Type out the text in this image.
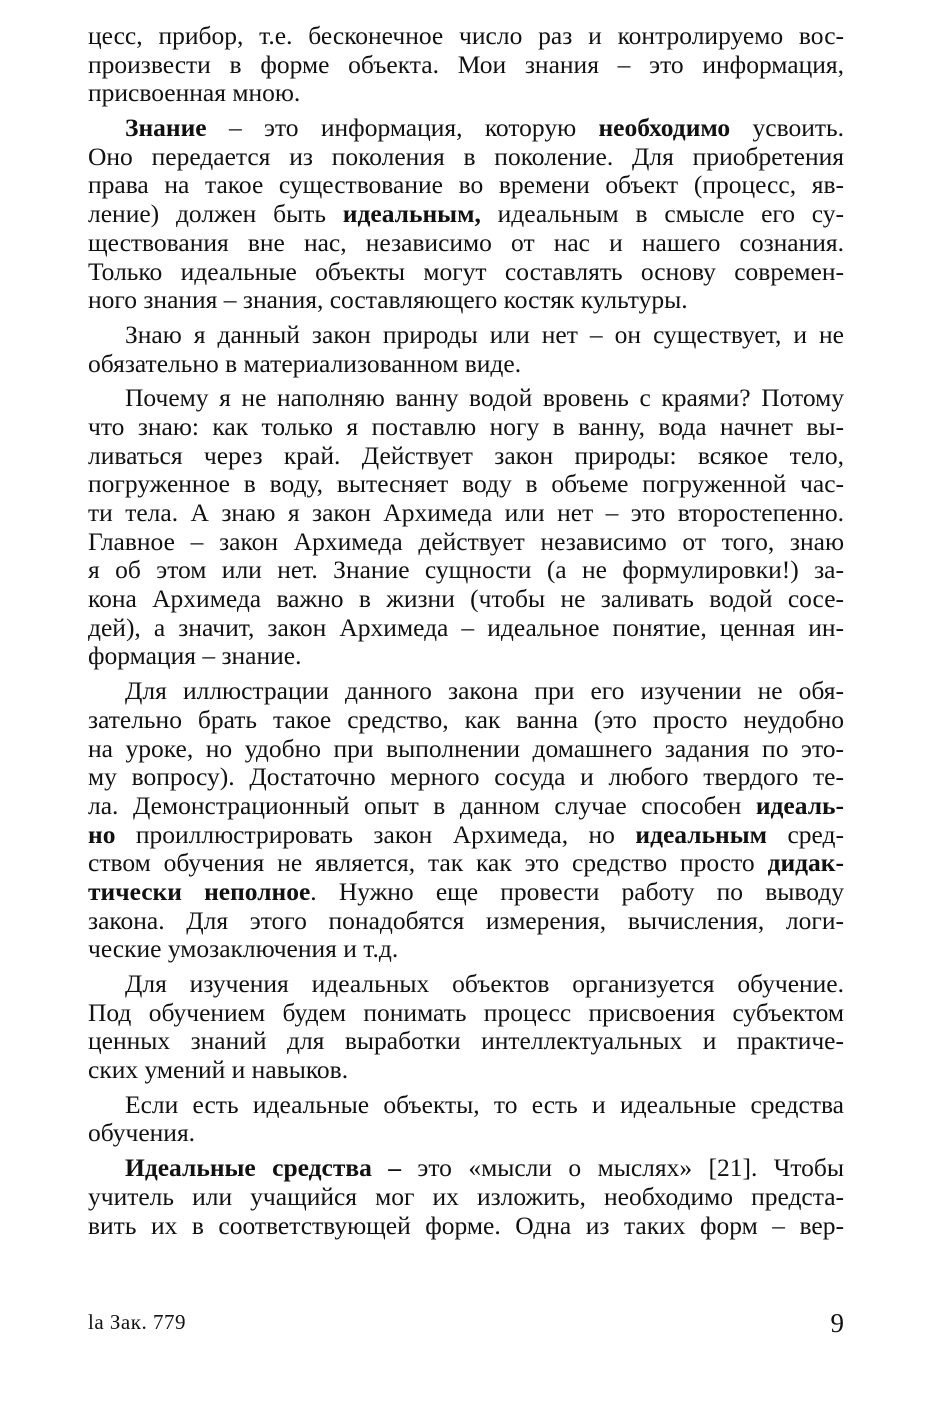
цесс, прибор, т.е. бесконечное число раз и контролируемо вос-
произвести в форме объекта. Мои знания – это информация,
присвоенная мною.
Знание – это информация, которую необходимо усвоить.
Оно передается из поколения в поколение. Для приобретения
права на такое существование во времени объект (процесс, яв-
ление) должен быть идеальным, идеальным в смысле его су-
ществования вне нас, независимо от нас и нашего сознания.
Только идеальные объекты могут составлять основу современ-
ного знания – знания, составляющего костяк культуры.
Знаю я данный закон природы или нет – он существует, и не
обязательно в материализованном виде.
Почему я не наполняю ванну водой вровень с краями? Потому
что знаю: как только я поставлю ногу в ванну, вода начнет вы-
ливаться через край. Действует закон природы: всякое тело,
погруженное в воду, вытесняет воду в объеме погруженной час-
ти тела. А знаю я закон Архимеда или нет – это второстепенно.
Главное – закон Архимеда действует независимо от того, знаю
я об этом или нет. Знание сущности (а не формулировки!) за-
кона Архимеда важно в жизни (чтобы не заливать водой сосе-
дей), а значит, закон Архимеда – идеальное понятие, ценная ин-
формация – знание.
Для иллюстрации данного закона при его изучении не обя-
зательно брать такое средство, как ванна (это просто неудобно
на уроке, но удобно при выполнении домашнего задания по это-
му вопросу). Достаточно мерного сосуда и любого твердого те-
ла. Демонстрационный опыт в данном случае способен идеаль-
но проиллюстрировать закон Архимеда, но идеальным сред-
ством обучения не является, так как это средство просто дидак-
тически неполное. Нужно еще провести работу по выводу
закона. Для этого понадобятся измерения, вычисления, логи-
ческие умозаключения и т.д.
Для изучения идеальных объектов организуется обучение.
Под обучением будем понимать процесс присвоения субъектом
ценных знаний для выработки интеллектуальных и практиче-
ских умений и навыков.
Если есть идеальные объекты, то есть и идеальные средства
обучения.
Идеальные средства – это «мысли о мыслях» [21]. Чтобы
учитель или учащийся мог их изложить, необходимо предста-
вить их в соответствующей форме. Одна из таких форм – вер-
la Зак. 779	9
